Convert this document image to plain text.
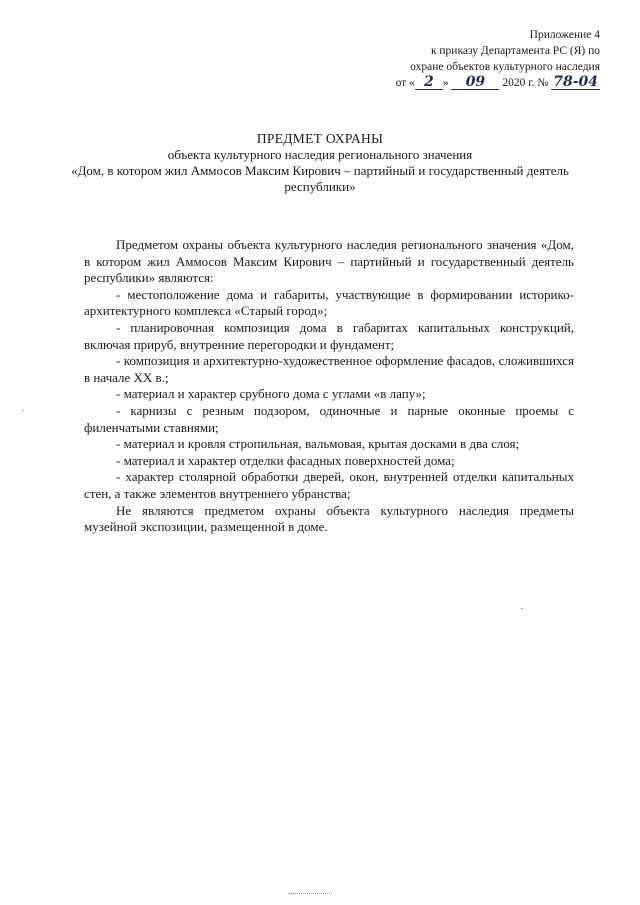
Приложение 4
к приказу Департамента РС (Я) по
охране объектов культурного наследия
от « 2 » 09 2020 г. № 78-04
ПРЕДМЕТ ОХРАНЫ
объекта культурного наследия регионального значения
«Дом, в котором жил Аммосов Максим Кирович – партийный и государственный деятель
республики»

Предметом охраны объекта культурного наследия регионального значения «Дом, в котором жил Аммосов Максим Кирович – партийный и государственный деятель республики» являются:

- местоположение дома и габариты, участвующие в формировании историко-архитектурного комплекса «Старый город»;

- планировочная композиция дома в габаритах капитальных конструкций, включая прируб, внутренние перегородки и фундамент;

- композиция и архитектурно-художественное оформление фасадов, сложившихся в начале XX в.;

- материал и характер срубного дома с углами «в лапу»;

- карнизы с резным подзором, одиночные и парные оконные проемы с филенчатыми ставнями;

- материал и кровля стропильная, вальмовая, крытая досками в два слоя;

- материал и характер отделки фасадных поверхностей дома;

- характер столярной обработки дверей, окон, внутренней отделки капитальных стен, а также элементов внутреннего убранства;

Не являются предметом охраны объекта культурного наследия предметы музейной экспозиции, размещенной в доме.
